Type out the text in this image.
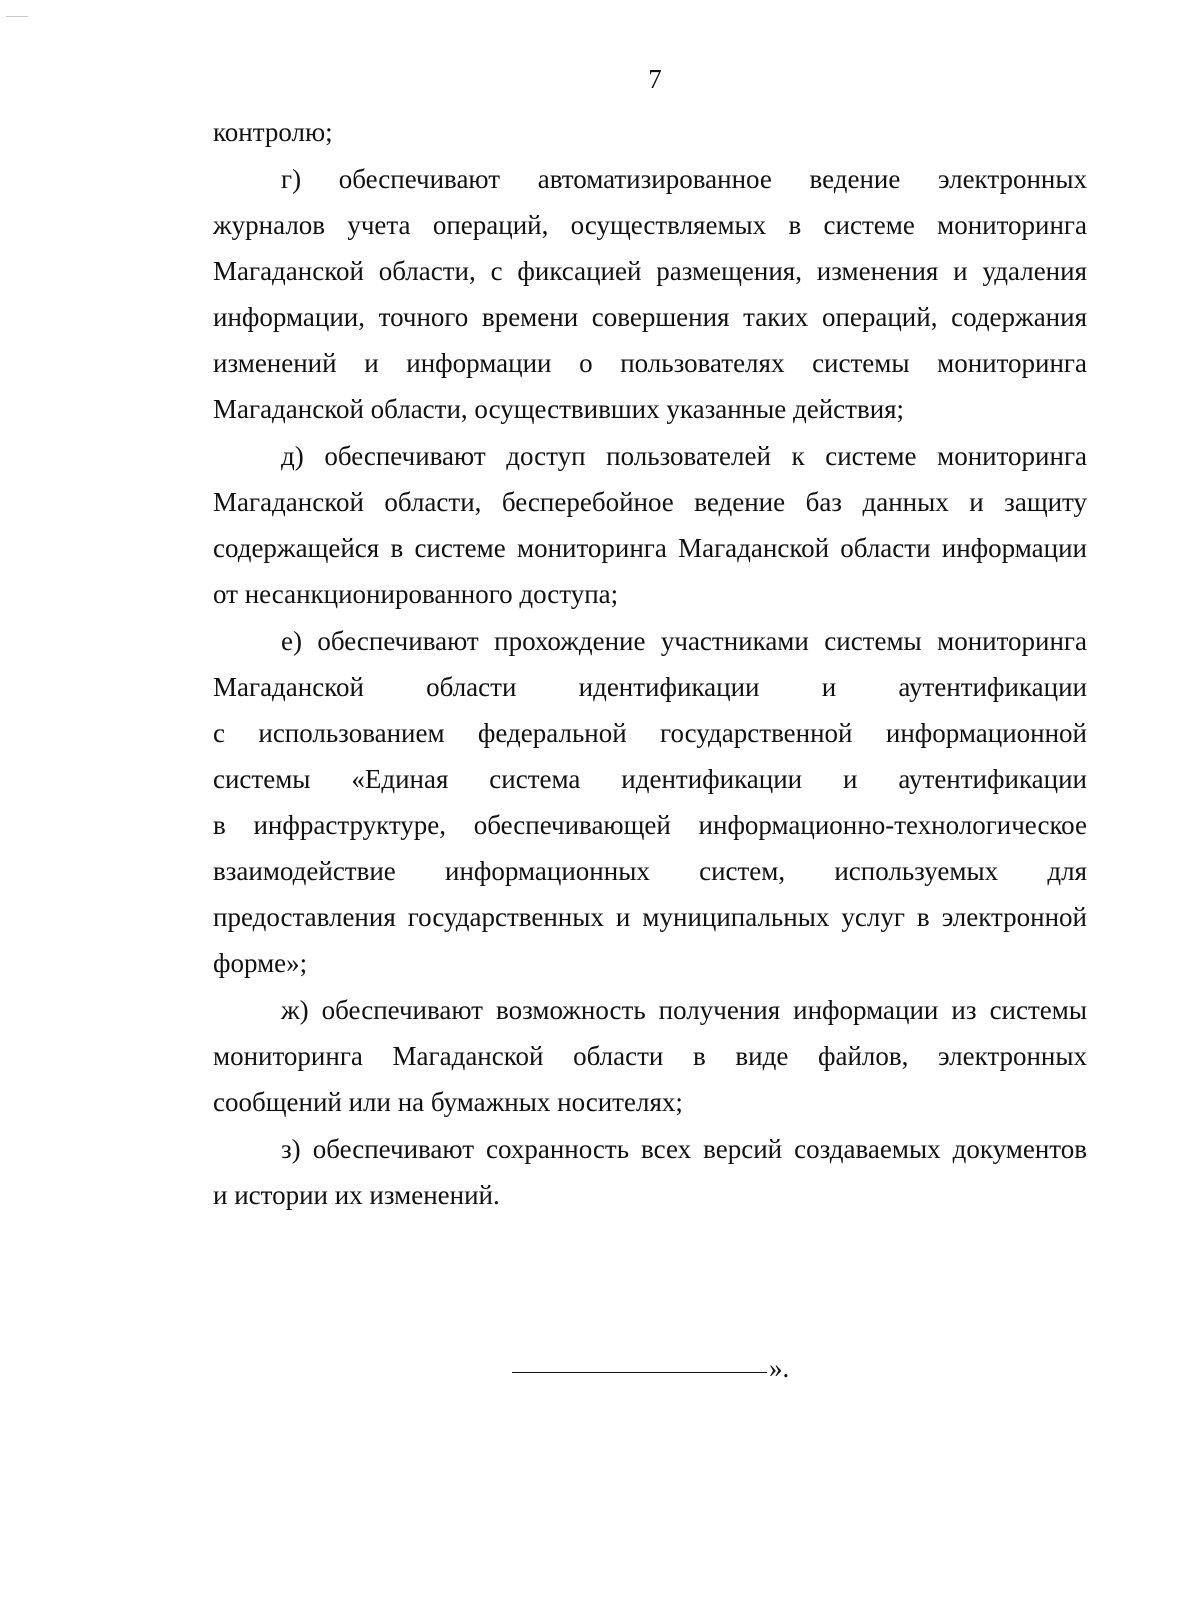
7
контролю;
г) обеспечивают автоматизированное ведение электронных
журналов учета операций, осуществляемых в системе мониторинга
Магаданской области, с фиксацией размещения, изменения и удаления
информации, точного времени совершения таких операций, содержания
изменений и информации о пользователях системы мониторинга
Магаданской области, осуществивших указанные действия;
д) обеспечивают доступ пользователей к системе мониторинга
Магаданской области, бесперебойное ведение баз данных и защиту
содержащейся в системе мониторинга Магаданской области информации
от несанкционированного доступа;
е) обеспечивают прохождение участниками системы мониторинга
Магаданской области идентификации и аутентификации
с использованием федеральной государственной информационной
системы «Единая система идентификации и аутентификации
в инфраструктуре, обеспечивающей информационно-технологическое
взаимодействие информационных систем, используемых для
предоставления государственных и муниципальных услуг в электронной
форме»;
ж) обеспечивают возможность получения информации из системы
мониторинга Магаданской области в виде файлов, электронных
сообщений или на бумажных носителях;
з) обеспечивают сохранность всех версий создаваемых документов
и истории их изменений.
».
